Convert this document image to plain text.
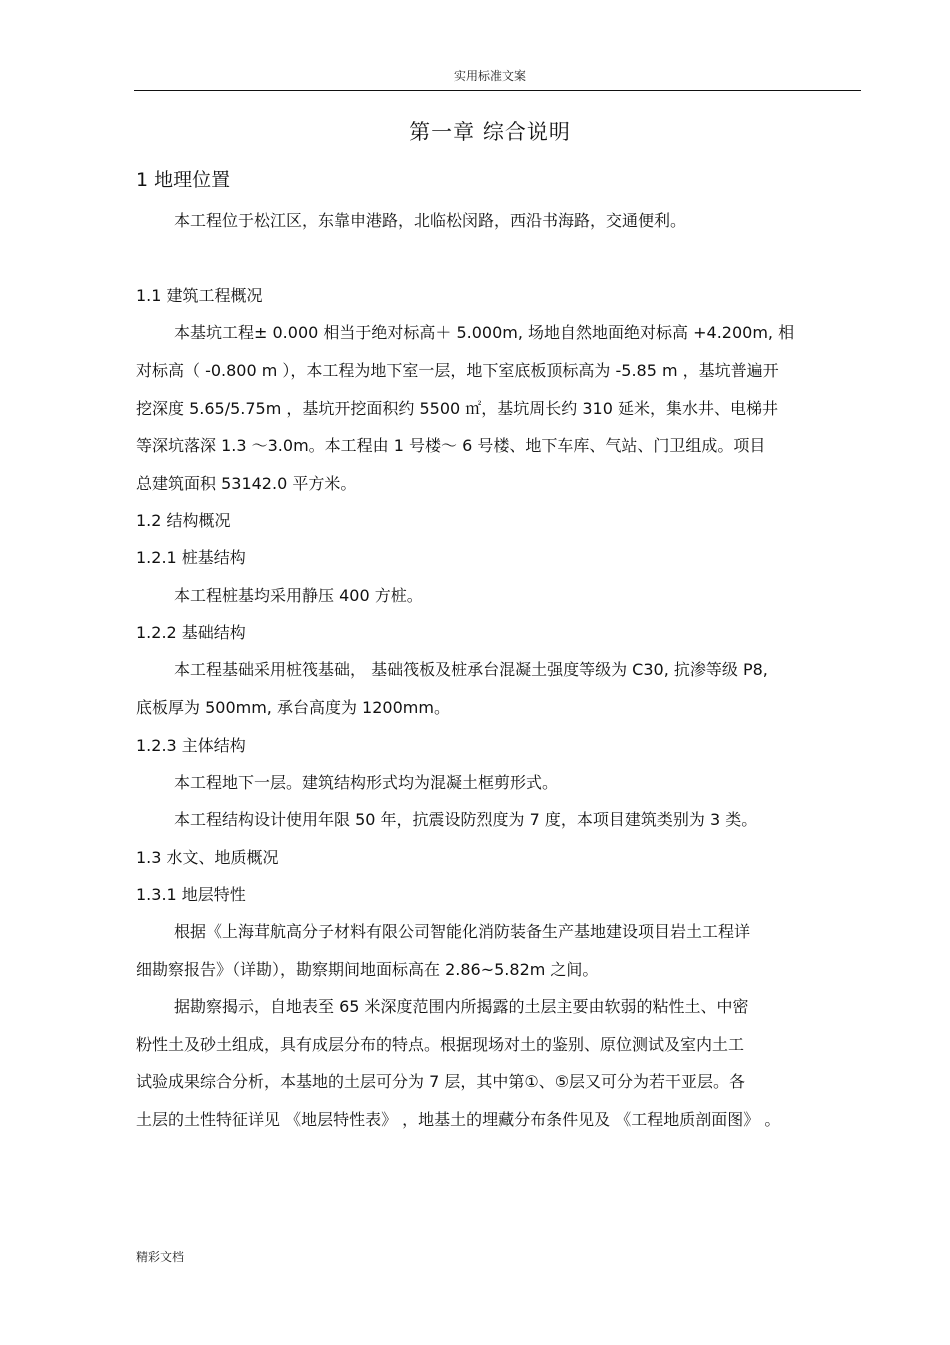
实用标准文案
第一章 综合说明
1 地理位置
本工程位于松江区，东靠申港路，北临松闵路，西沿书海路，交通便利。
1.1 建筑工程概况
本基坑工程± 0.000 相当于绝对标高＋ 5.000m, 场地自然地面绝对标高 +4.200m, 相
对标高（ -0.800 m ），本工程为地下室一层，地下室底板顶标高为 -5.85 m ，基坑普遍开
挖深度 5.65/5.75m ，基坑开挖面积约 5500 ㎡，基坑周长约 310 延米，集水井、电梯井
等深坑落深 1.3 ～3.0m。本工程由 1 号楼～ 6 号楼、地下车库、气站、门卫组成。项目
总建筑面积 53142.0 平方米。
1.2 结构概况
1.2.1 桩基结构
本工程桩基均采用静压 400 方桩。
1.2.2 基础结构
本工程基础采用桩筏基础， 基础筏板及桩承台混凝土强度等级为 C30, 抗渗等级 P8,
底板厚为 500mm, 承台高度为 1200mm。
1.2.3 主体结构
本工程地下一层。建筑结构形式均为混凝土框剪形式。
本工程结构设计使用年限 50 年，抗震设防烈度为 7 度，本项目建筑类别为 3 类。
1.3 水文、地质概况
1.3.1 地层特性
根据《上海茸航高分子材料有限公司智能化消防装备生产基地建设项目岩土工程详
细勘察报告》（详勘），勘察期间地面标高在 2.86~5.82m 之间。
据勘察揭示，自地表至 65 米深度范围内所揭露的土层主要由软弱的粘性土、中密
粉性土及砂土组成，具有成层分布的特点。根据现场对土的鉴别、原位测试及室内土工
试验成果综合分析，本基地的土层可分为 7 层，其中第①、⑤层又可分为若干亚层。各
土层的土性特征详见 《地层特性表》 ，地基土的埋藏分布条件见及 《工程地质剖面图》 。
精彩文档
